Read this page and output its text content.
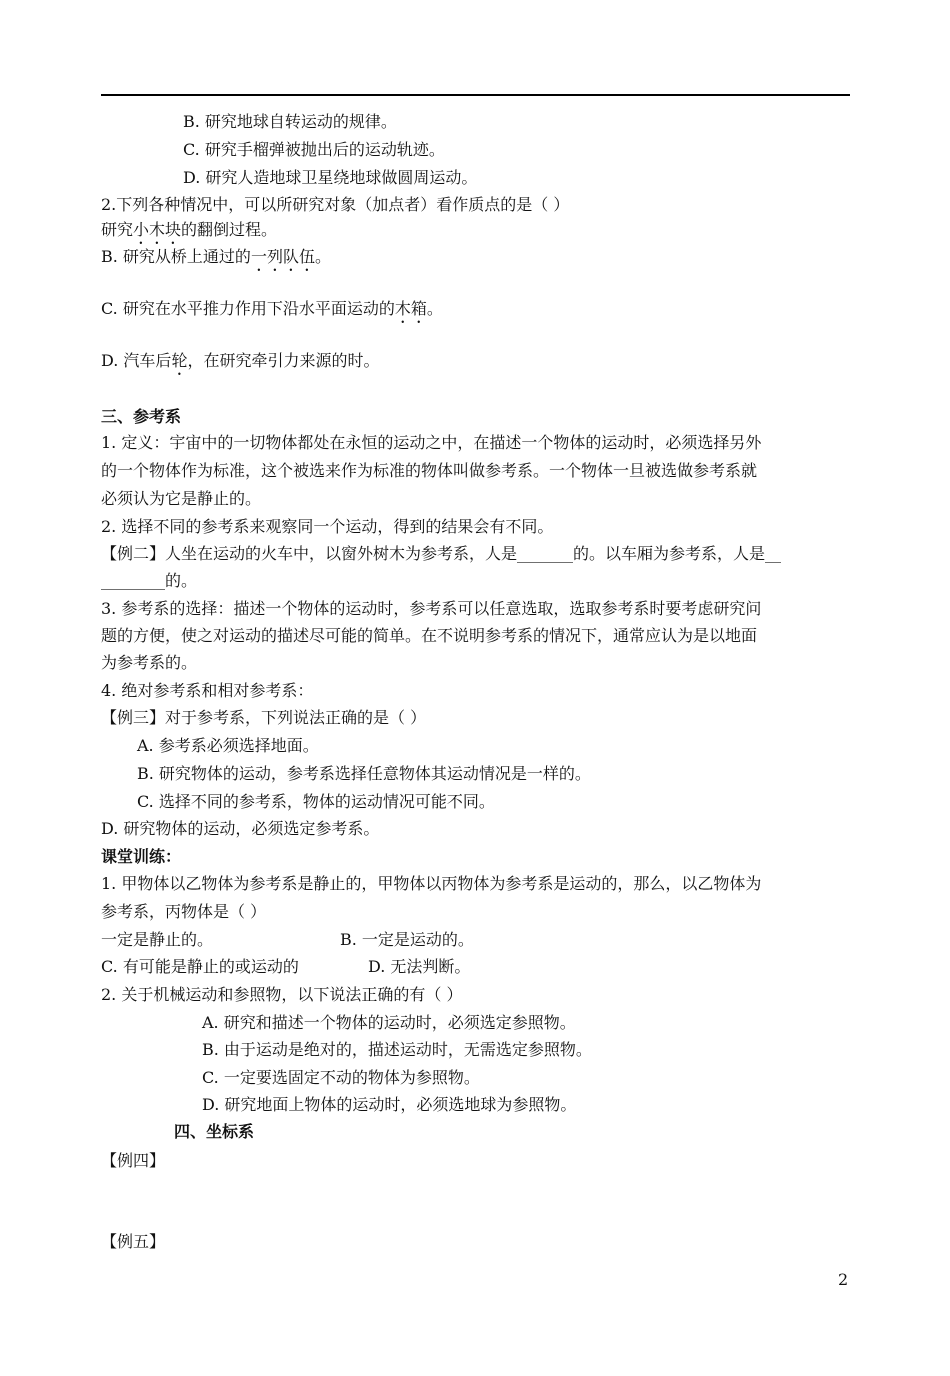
B. 研究地球自转运动的规律。
C. 研究手榴弹被抛出后的运动轨迹。
D. 研究人造地球卫星绕地球做圆周运动。
2.下列各种情况中，可以所研究对象（加点者）看作质点的是（ ）
研究小木块的翻倒过程。
B. 研究从桥上通过的一列队伍。
C. 研究在水平推力作用下沿水平面运动的木箱。
D. 汽车后轮，在研究牵引力来源的时。
三、参考系
1. 定义：宇宙中的一切物体都处在永恒的运动之中，在描述一个物体的运动时，必须选择另外
的一个物体作为标准，这个被选来作为标准的物体叫做参考系。一个物体一旦被选做参考系就
必须认为它是静止的。
2. 选择不同的参考系来观察同一个运动，得到的结果会有不同。
【例二】人坐在运动的火车中，以窗外树木为参考系，人是_______的。以车厢为参考系，人是__
________的。
3. 参考系的选择：描述一个物体的运动时，参考系可以任意选取，选取参考系时要考虑研究问
题的方便，使之对运动的描述尽可能的简单。在不说明参考系的情况下，通常应认为是以地面
为参考系的。
4. 绝对参考系和相对参考系：
【例三】对于参考系，下列说法正确的是（ ）
A. 参考系必须选择地面。
B. 研究物体的运动，参考系选择任意物体其运动情况是一样的。
C. 选择不同的参考系，物体的运动情况可能不同。
D. 研究物体的运动，必须选定参考系。
课堂训练：
1. 甲物体以乙物体为参考系是静止的，甲物体以丙物体为参考系是运动的，那么，以乙物体为
参考系，丙物体是（ ）
一定是静止的。	B. 一定是运动的。
C. 有可能是静止的或运动的	D. 无法判断。
2. 关于机械运动和参照物，以下说法正确的有（ ）
A. 研究和描述一个物体的运动时，必须选定参照物。
B. 由于运动是绝对的，描述运动时，无需选定参照物。
C. 一定要选固定不动的物体为参照物。
D. 研究地面上物体的运动时，必须选地球为参照物。
四、坐标系
【例四】
【例五】
2
